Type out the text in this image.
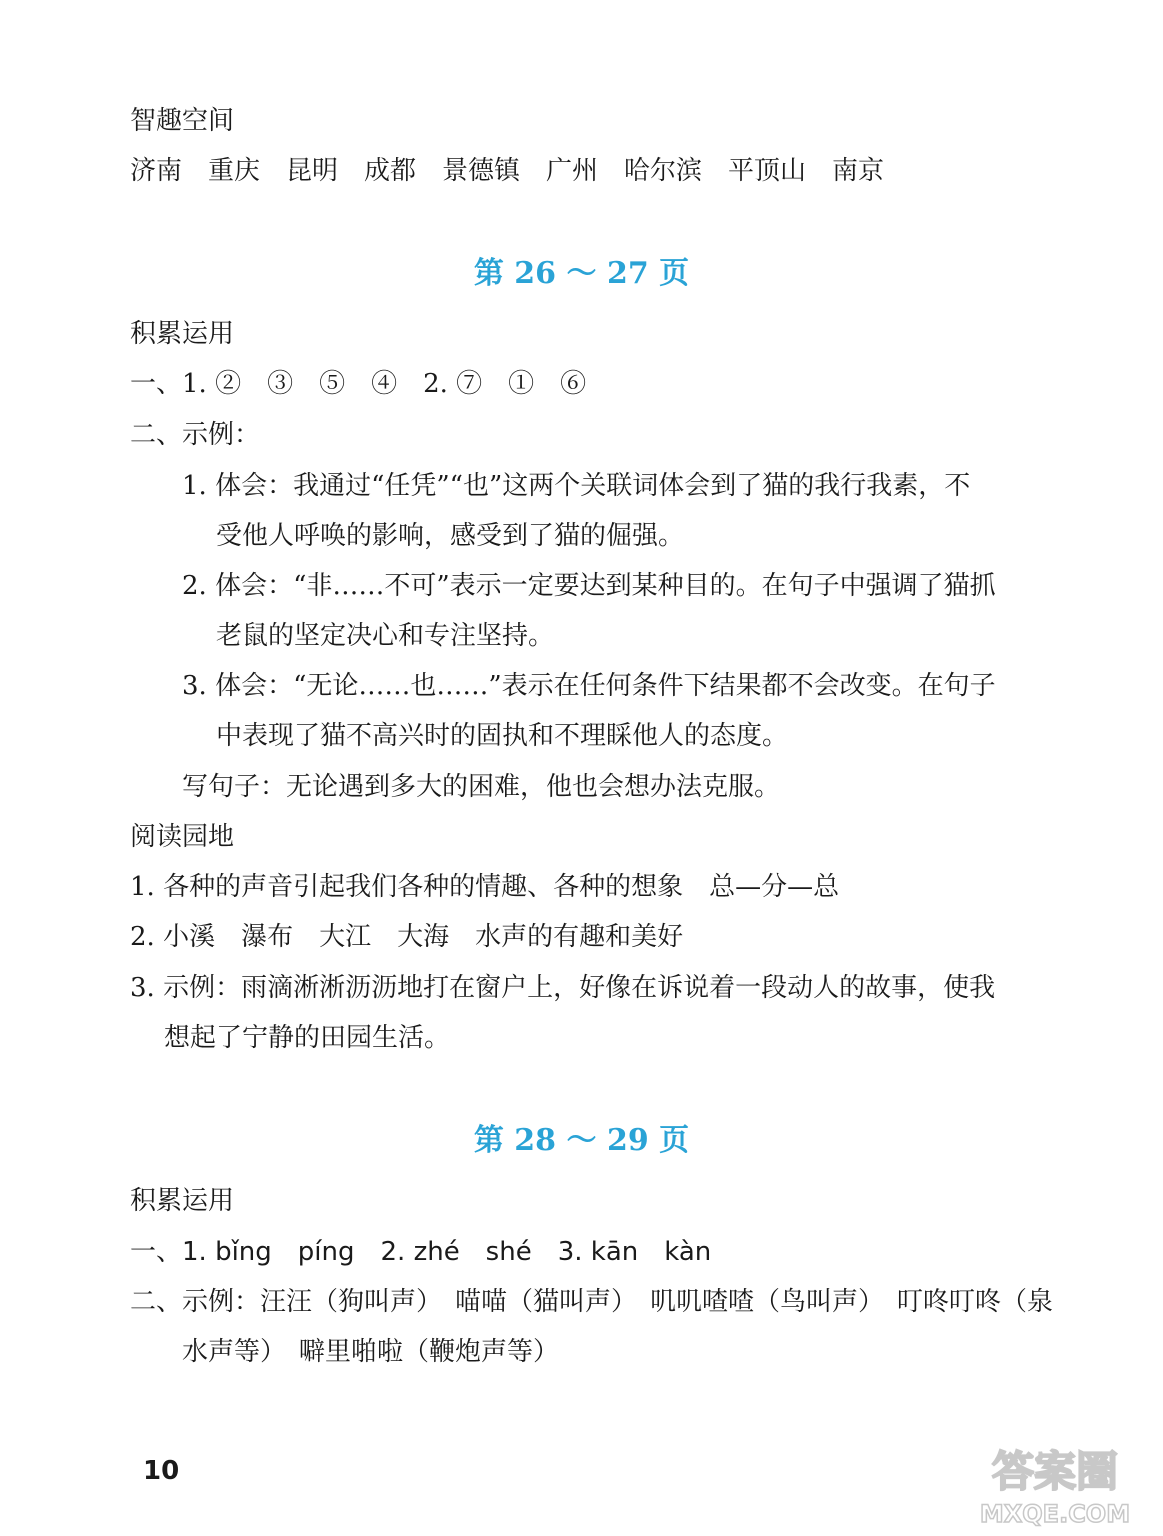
智趣空间
济南　重庆　昆明　成都　景德镇　广州　哈尔滨　平顶山　南京
第 26 ～ 27 页
积累运用
一、1. ②　③　⑤　④　2. ⑦　①　⑥
二、示例：
1. 体会：我通过“任凭”“也”这两个关联词体会到了猫的我行我素，不
受他人呼唤的影响，感受到了猫的倔强。
2. 体会：“非……不可”表示一定要达到某种目的。在句子中强调了猫抓
老鼠的坚定决心和专注坚持。
3. 体会：“无论……也……”表示在任何条件下结果都不会改变。在句子
中表现了猫不高兴时的固执和不理睬他人的态度。
写句子：无论遇到多大的困难，他也会想办法克服。
阅读园地
1. 各种的声音引起我们各种的情趣、各种的想象　总—分—总
2. 小溪　瀑布　大江　大海　水声的有趣和美好
3. 示例：雨滴淅淅沥沥地打在窗户上，好像在诉说着一段动人的故事，使我
想起了宁静的田园生活。
第 28 ～ 29 页
积累运用
一、1. bǐng　píng　2. zhé　shé　3. kān　kàn
二、示例：汪汪（狗叫声）　喵喵（猫叫声）　叽叽喳喳（鸟叫声）　叮咚叮咚（泉
水声等）　噼里啪啦（鞭炮声等）
10	答案圈
MXQE.COM
